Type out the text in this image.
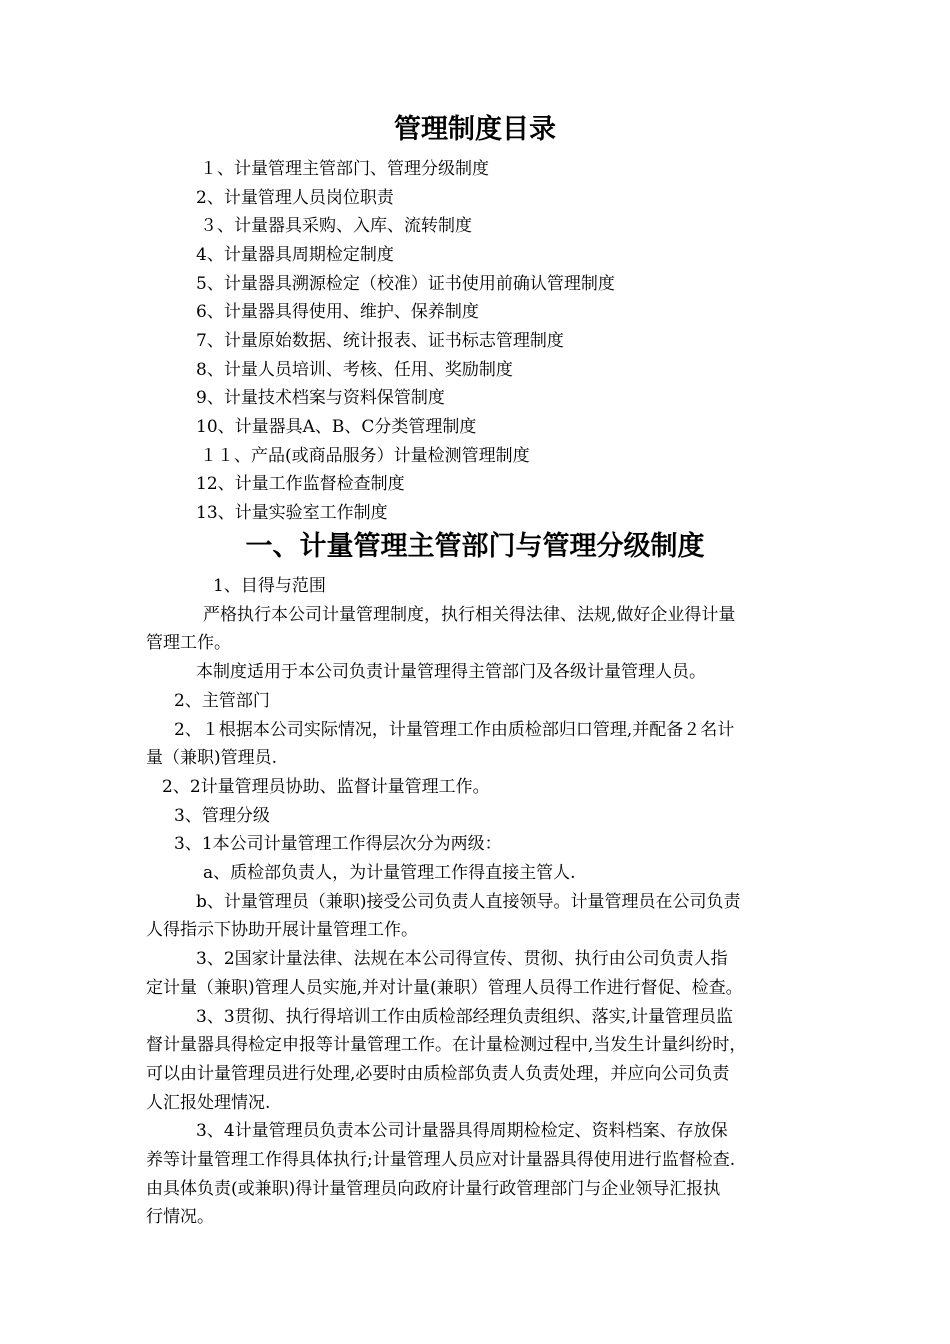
管理制度目录
１、计量管理主管部门、管理分级制度
2、计量管理人员岗位职责
３、计量器具采购、入库、流转制度
4、计量器具周期检定制度
5、计量器具溯源检定（校准）证书使用前确认管理制度
6、计量器具得使用、维护、保养制度
7、计量原始数据、统计报表、证书标志管理制度
8、计量人员培训、考核、任用、奖励制度
9、计量技术档案与资料保管制度
10、计量器具A、B、C分类管理制度
１１、产品(或商品服务）计量检测管理制度
12、计量工作监督检查制度
13、计量实验室工作制度
一、计量管理主管部门与管理分级制度
1、目得与范围
严格执行本公司计量管理制度，执行相关得法律、法规,做好企业得计量
管理工作。
本制度适用于本公司负责计量管理得主管部门及各级计量管理人员。
2、主管部门
2、１根据本公司实际情况，计量管理工作由质检部归口管理,并配备２名计
量（兼职)管理员.
2、2计量管理员协助、监督计量管理工作。
3、管理分级
3、1本公司计量管理工作得层次分为两级：
a、质检部负责人，为计量管理工作得直接主管人.
b、计量管理员（兼职)接受公司负责人直接领导。计量管理员在公司负责
人得指示下协助开展计量管理工作。
3、2国家计量法律、法规在本公司得宣传、贯彻、执行由公司负责人指
定计量（兼职)管理人员实施,并对计量(兼职）管理人员得工作进行督促、检查。
3、3贯彻、执行得培训工作由质检部经理负责组织、落实,计量管理员监
督计量器具得检定申报等计量管理工作。在计量检测过程中,当发生计量纠纷时，
可以由计量管理员进行处理,必要时由质检部负责人负责处理，并应向公司负责
人汇报处理情况.
3、4计量管理员负责本公司计量器具得周期检检定、资料档案、存放保
养等计量管理工作得具体执行;计量管理人员应对计量器具得使用进行监督检查.
由具体负责(或兼职)得计量管理员向政府计量行政管理部门与企业领导汇报执
行情况。
